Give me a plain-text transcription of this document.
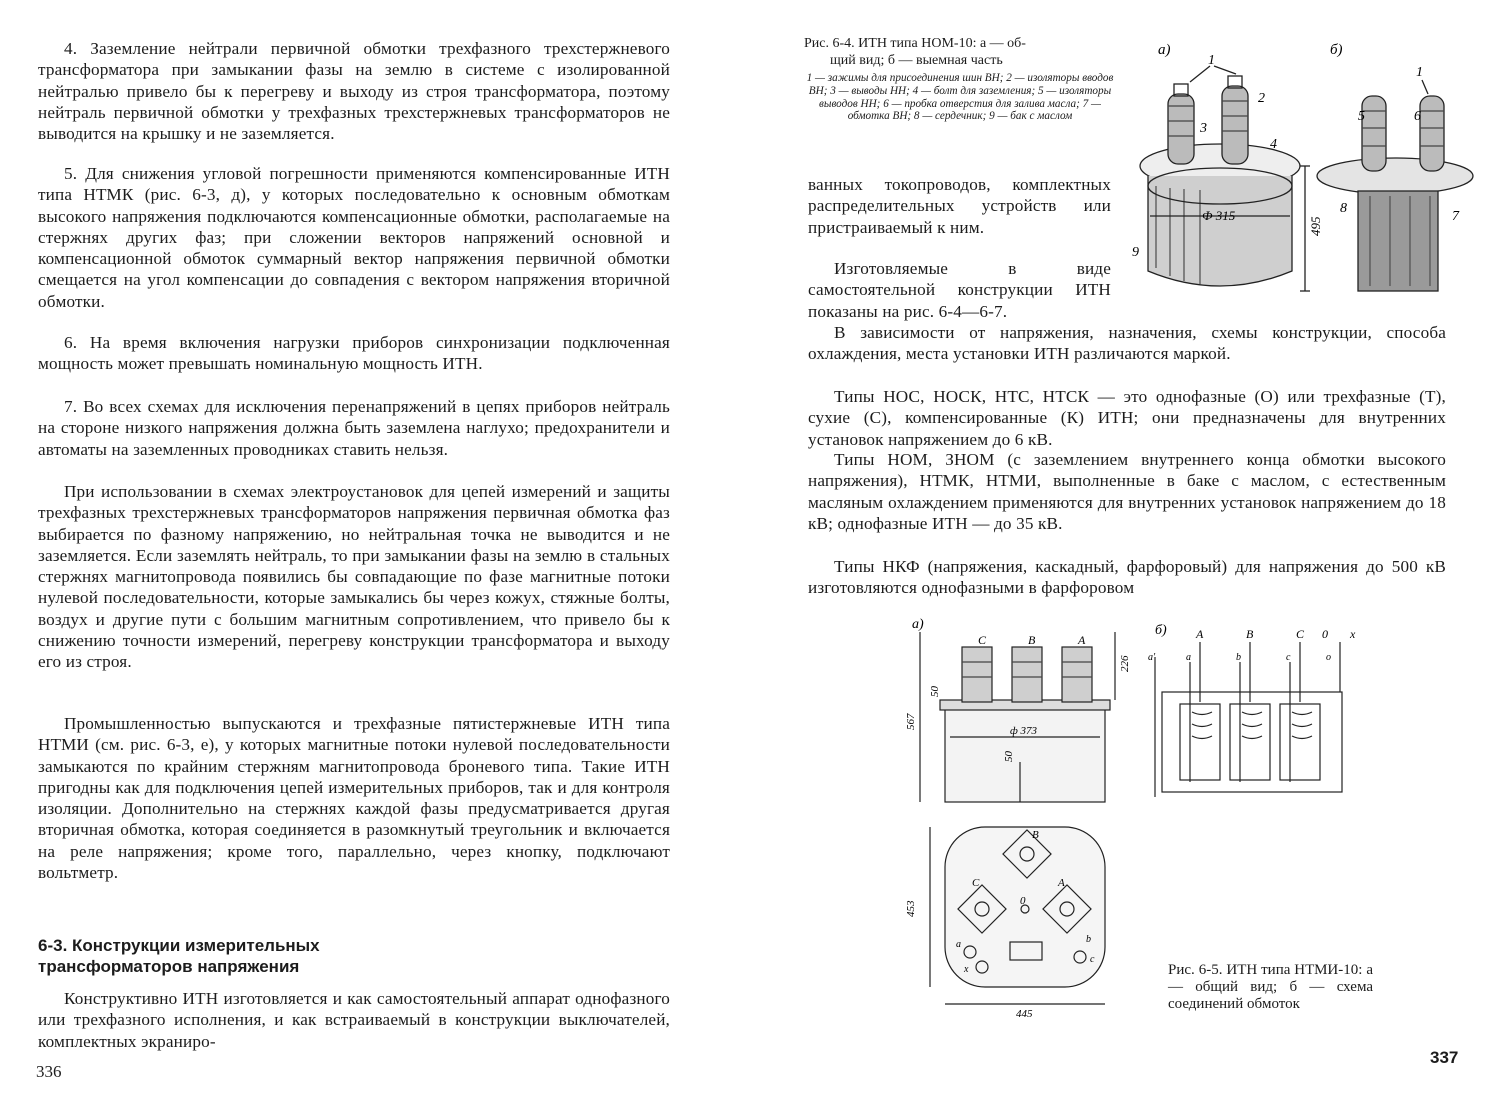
4. Заземление нейтрали первичной обмотки трехфазного трехстержневого трансформатора при замыкании фазы на землю в системе с изолированной нейтралью привело бы к перегреву и выходу из строя трансформатора, поэтому нейтраль первичной обмотки у трехфазных трехстержневых трансформаторов не выводится на крышку и не заземляется.

5. Для снижения угловой погрешности применяются компенсированные ИТН типа НТМК (рис. 6-3, д), у которых последовательно к основным обмоткам высокого напряжения подключаются компенсационные обмотки, располагаемые на стержнях других фаз; при сложении векторов напряжений основной и компенсационной обмоток суммарный вектор напряжения первичной обмотки смещается на угол компенсации до совпадения с вектором напряжения вторичной обмотки.

6. На время включения нагрузки приборов синхронизации подключенная мощность может превышать номинальную мощность ИТН.

7. Во всех схемах для исключения перенапряжений в цепях приборов нейтраль на стороне низкого напряжения должна быть заземлена наглухо; предохранители и автоматы на заземленных проводниках ставить нельзя.

При использовании в схемах электроустановок для цепей измерений и защиты трехфазных трехстержневых трансформаторов напряжения первичная обмотка фаз выбирается по фазному напряжению, но нейтральная точка не выводится и не заземляется. Если заземлять нейтраль, то при замыкании фазы на землю в стальных стержнях магнитопровода появились бы совпадающие по фазе магнитные потоки нулевой последовательности, которые замыкались бы через кожух, стяжные болты, воздух и другие пути с большим магнитным сопротивлением, что привело бы к снижению точности измерений, перегреву конструкции трансформатора и выходу его из строя.

Промышленностью выпускаются и трехфазные пятистержневые ИТН типа НТМИ (см. рис. 6-3, е), у которых магнитные потоки нулевой последовательности замыкаются по крайним стержням магнитопровода броневого типа. Такие ИТН пригодны как для подключения цепей измерительных приборов, так и для контроля изоляции. Дополнительно на стержнях каждой фазы предусматривается другая вторичная обмотка, которая соединяется в разомкнутый треугольник и включается на реле напряжения; кроме того, параллельно, через кнопку, подключают вольтметр.

6-3. Конструкции измерительных
трансформаторов напряжения

Конструктивно ИТН изготовляется и как самостоятельный аппарат однофазного или трехфазного исполнения, и как встраиваемый в конструкции выключателей, комплектных экраниро-

336
Рис. 6-4. ИТН типа НОМ-10: а — об-
щий вид; б — выемная часть
1 — зажимы для присоединения шин ВН; 2 — изоляторы вводов ВН; 3 — выводы НН; 4 — болт для заземления; 5 — изоляторы выводов НН; 6 — пробка отверстия для залива масла; 7 — обмотка ВН; 8 — сердечник; 9 — бак с маслом
а)	б)
1
2
3
4
9
Ф 315
495
1
5	6
8
7

ванных токопроводов, комплектных распределительных устройств или пристраиваемый к ним.

Изготовляемые в виде самостоятельной конструкции ИТН показаны на рис. 6-4—6-7.

В зависимости от напряжения, назначения, схемы конструкции, способа охлаждения, места установки ИТН различаются маркой.

Типы НОС, НОСК, НТС, НТСК — это однофазные (О) или трехфазные (Т), сухие (С), компенсированные (К) ИТН; они предназначены для внутренних установок напряжением до 6 кВ.

Типы НОМ, ЗНОМ (с заземлением внутреннего конца обмотки высокого напряжения), НТМК, НТМИ, выполненные в баке с маслом, с естественным масляным охлаждением применяются для внутренних установок напряжением до 18 кВ; однофазные ИТН — до 35 кВ.

Типы НКФ (напряжения, каскадный, фарфоровый) для напряжения до 500 кВ изготовляются однофазными в фарфоровом

а)	б)
C	B	A
226
50
567
ф 373
50
B
C	A
0
a
x
b
c
453
445
A	B	C 0 x
a'	a	b	c	o
Рис. 6-5. ИТН типа НТМИ-10: а — общий вид; б — схема соединений обмоток
337
